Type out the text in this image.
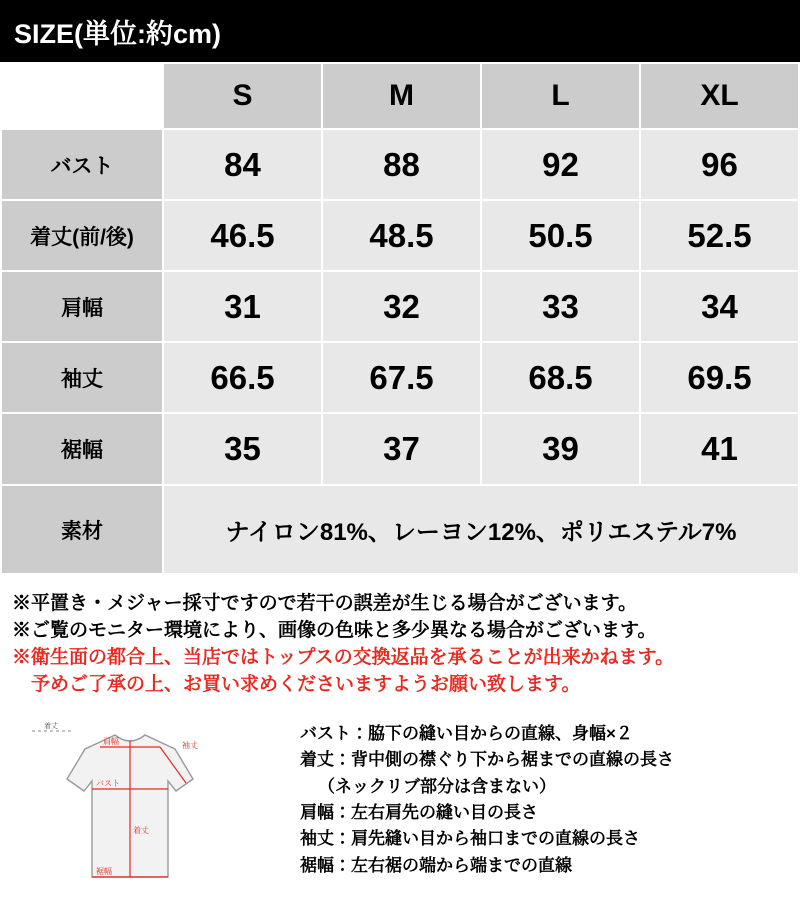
SIZE(単位:約cm)
	S	M	L	XL
バスト	84	88	92	96
着丈(前/後)	46.5	48.5	50.5	52.5
肩幅	31	32	33	34
袖丈	66.5	67.5	68.5	69.5
裾幅	35	37	39	41
素材	ナイロン81%、レーヨン12%、ポリエステル7%			
※平置き・メジャー採寸ですので若干の誤差が生じる場合がございます。
※ご覧のモニター環境により、画像の色味と多少異なる場合がございます。
※衛生面の都合上、当店ではトップスの交換返品を承ることが出来かねます。
予めご了承の上、お買い求めくださいますようお願い致します。
着丈
肩幅	袖丈
バスト
着丈
裾幅
バスト：脇下の縫い目からの直線、身幅×２
着丈：背中側の襟ぐり下から裾までの直線の長さ
（ネックリブ部分は含まない）
肩幅：左右肩先の縫い目の長さ
袖丈：肩先縫い目から袖口までの直線の長さ
裾幅：左右裾の端から端までの直線
